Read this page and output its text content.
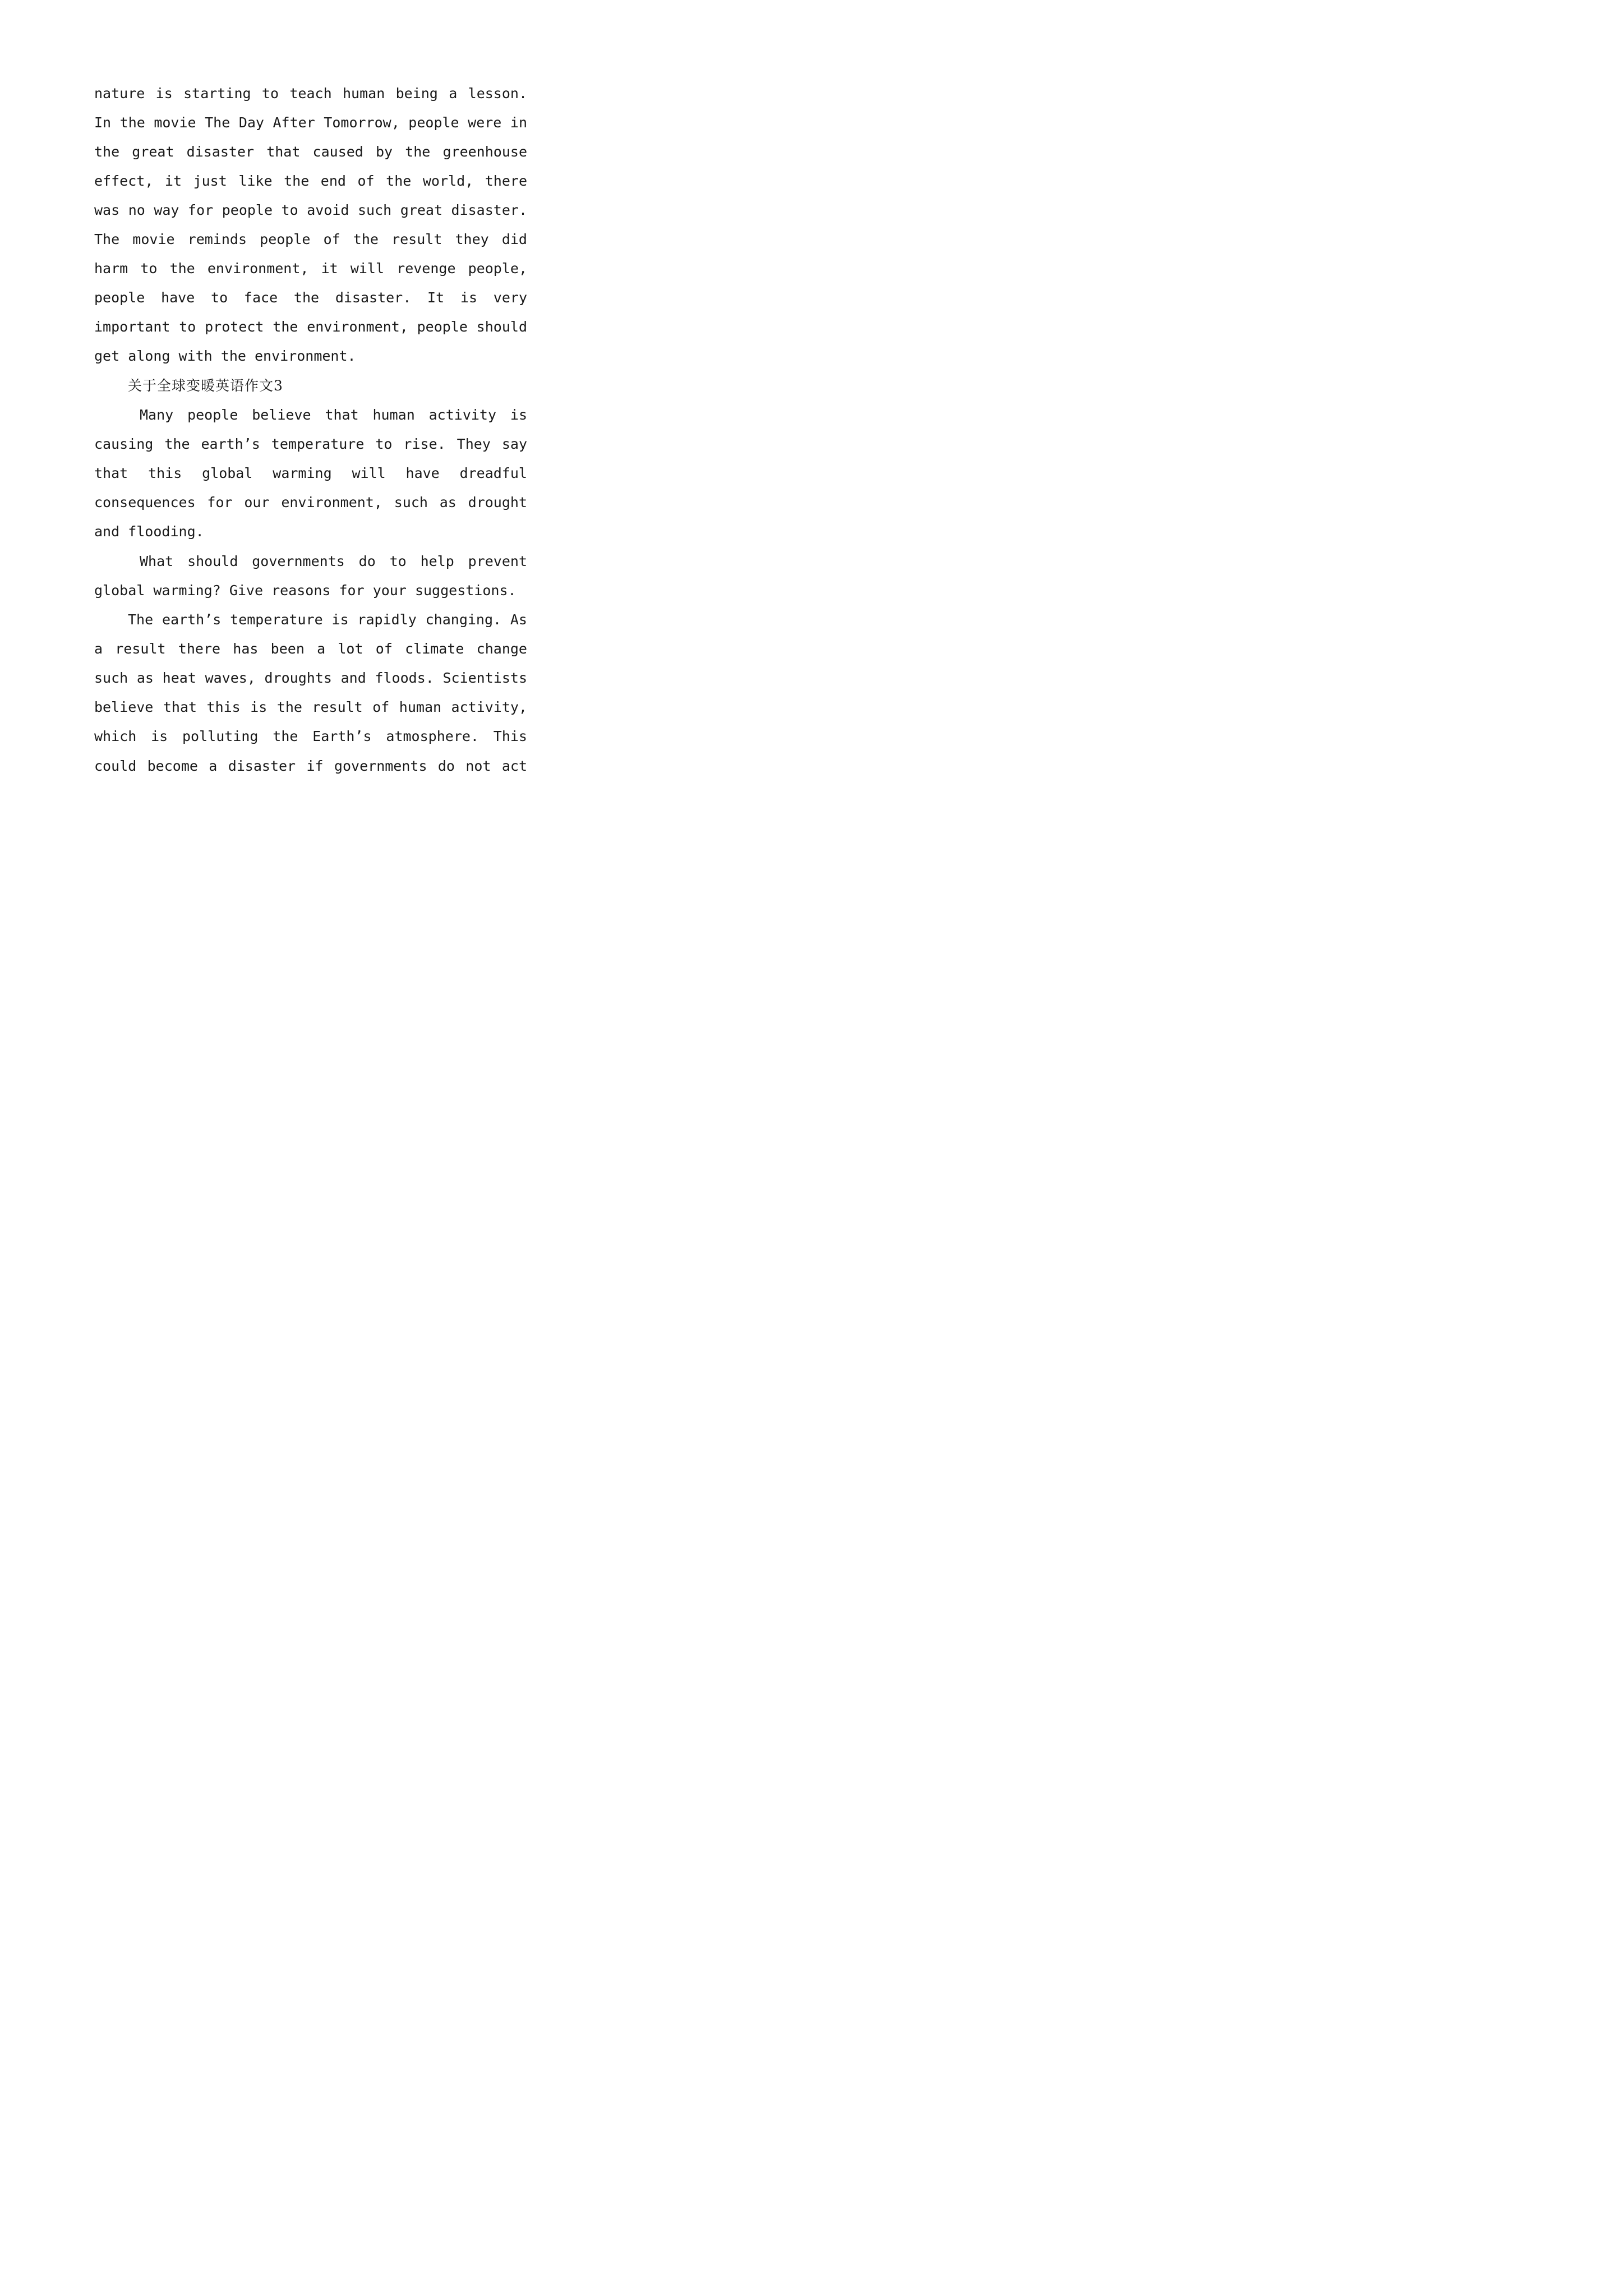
nature is starting to teach human being a lesson.
In the movie The Day After Tomorrow, people were in
the great disaster that caused by the greenhouse
effect, it just like the end of the world, there
was no way for people to avoid such great disaster.
The movie reminds people of the result they did
harm to the environment, it will revenge people,
people have to face the disaster. It is very
important to protect the environment, people should
get along with the environment.
关于全球变暖英语作文3
Many people believe that human activity is
causing the earth’s temperature to rise. They say
that this global warming will have dreadful
consequences for our environment, such as drought
and flooding.
What should governments do to help prevent
global warming? Give reasons for your suggestions.
The earth’s temperature is rapidly changing. As
a result there has been a lot of climate change
such as heat waves, droughts and floods. Scientists
believe that this is the result of human activity,
which is polluting the Earth’s atmosphere. This
could become a disaster if governments do not act
